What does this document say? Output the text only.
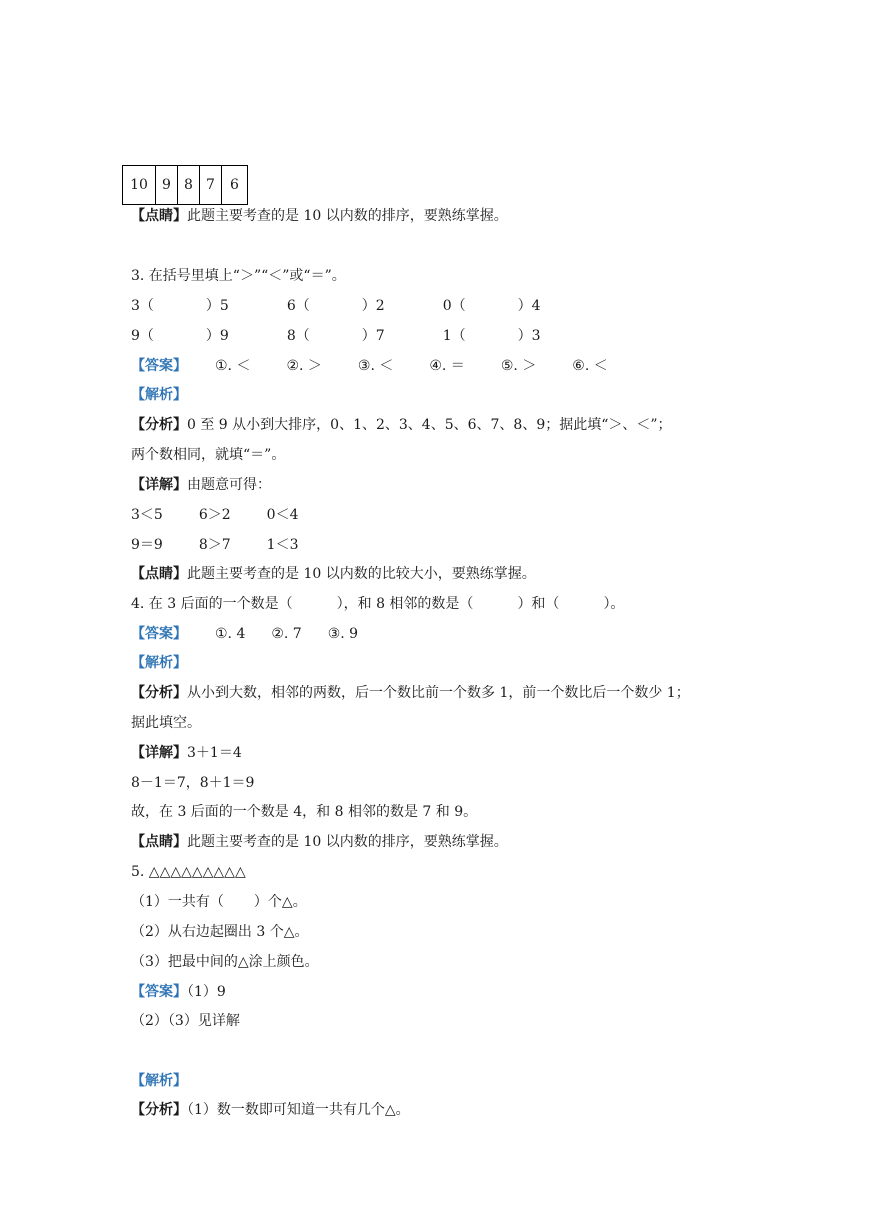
10	9	8	7	6
【点睛】此题主要考查的是 10 以内数的排序，要熟练掌握。
3. 在括号里填上“＞”“＜”或“＝”。
3（	）5	6（	）2	0（	）4
9（	）9	8（	）7	1（	）3
【答案】 ①. ＜	②. ＞	③. ＜	④. ＝	⑤. ＞	⑥. ＜
【解析】
【分析】0 至 9 从小到大排序，0、1、2、3、4、5、6、7、8、9；据此填“＞、＜”；
两个数相同，就填“＝”。
【详解】由题意可得：
3＜5	6＞2	0＜4
9＝9	8＞7	1＜3
【点睛】此题主要考查的是 10 以内数的比较大小，要熟练掌握。
4. 在 3 后面的一个数是（	），和 8 相邻的数是（	）和（	）。
【答案】 ①. 4 ②. 7 ③. 9
【解析】
【分析】从小到大数，相邻的两数，后一个数比前一个数多 1，前一个数比后一个数少 1；
据此填空。
【详解】3＋1＝4
8－1＝7，8＋1＝9
故，在 3 后面的一个数是 4，和 8 相邻的数是 7 和 9。
【点睛】此题主要考查的是 10 以内数的排序，要熟练掌握。
5. △△△△△△△△△
（1）一共有（ ）个△。
（2）从右边起圈出 3 个△。
（3）把最中间的△涂上颜色。
【答案】（1）9
（2）（3）见详解
【解析】
【分析】（1）数一数即可知道一共有几个△。
